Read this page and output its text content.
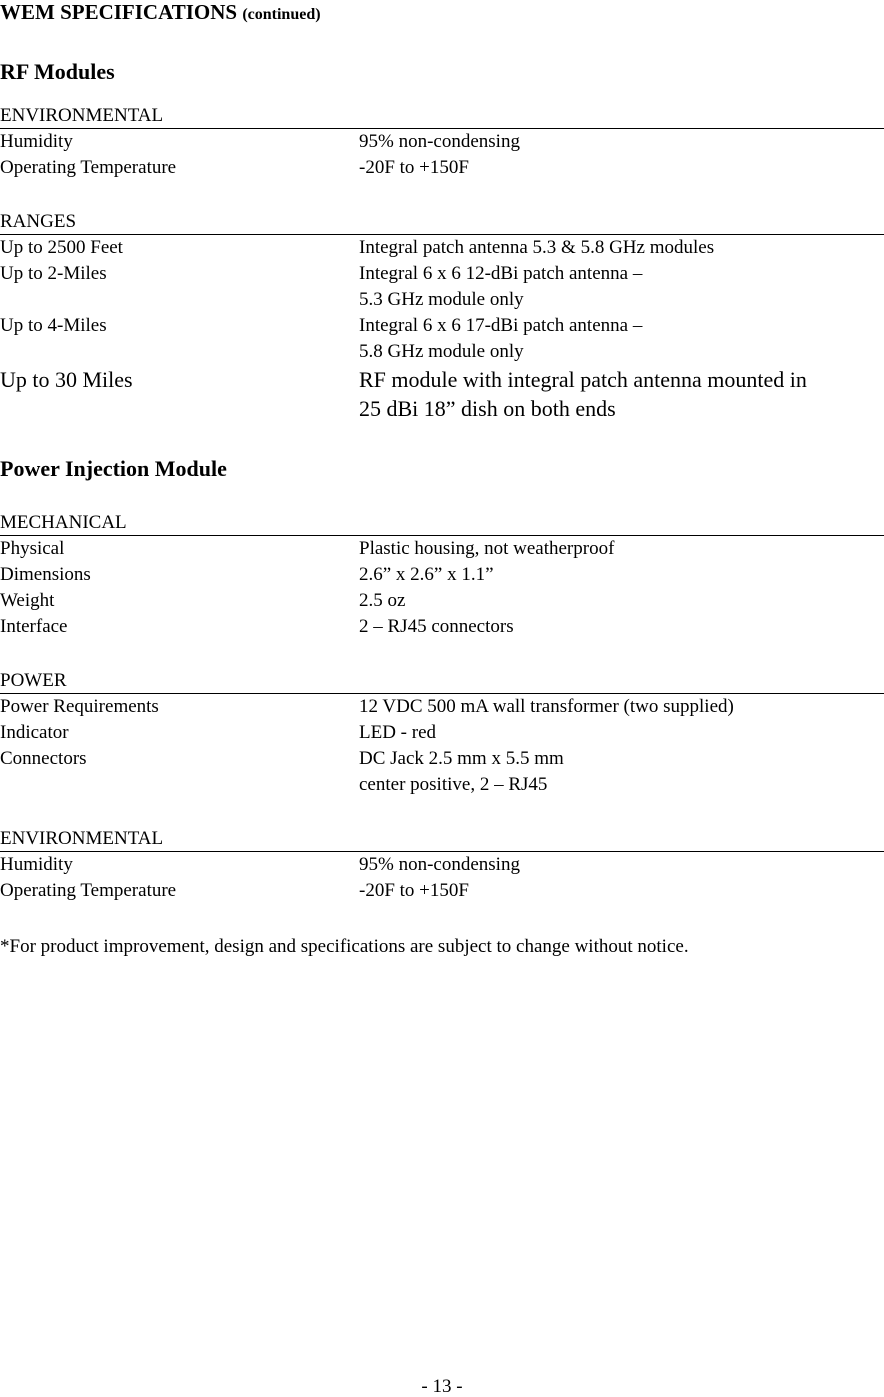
WEM SPECIFICATIONS (continued)
RF Modules
ENVIRONMENTAL
Humidity	95% non-condensing
Operating Temperature	-20F to +150F
RANGES
Up to 2500 Feet	Integral patch antenna 5.3 & 5.8 GHz modules
Up to 2-Miles	Integral 6 x 6 12-dBi patch antenna –
5.3 GHz module only
Up to 4-Miles	Integral 6 x 6 17-dBi patch antenna –
5.8 GHz module only
Up to 30 Miles	RF module with integral patch antenna mounted in
25 dBi 18” dish on both ends
Power Injection Module
MECHANICAL
Physical	Plastic housing, not weatherproof
Dimensions	2.6” x 2.6” x 1.1”
Weight	2.5 oz
Interface	2 – RJ45 connectors
POWER
Power Requirements	12 VDC 500 mA wall transformer (two supplied)
Indicator	LED - red
Connectors	DC Jack 2.5 mm x 5.5 mm
center positive, 2 – RJ45
ENVIRONMENTAL
Humidity	95% non-condensing
Operating Temperature	-20F to +150F
*For product improvement, design and specifications are subject to change without notice.
- 13 -
